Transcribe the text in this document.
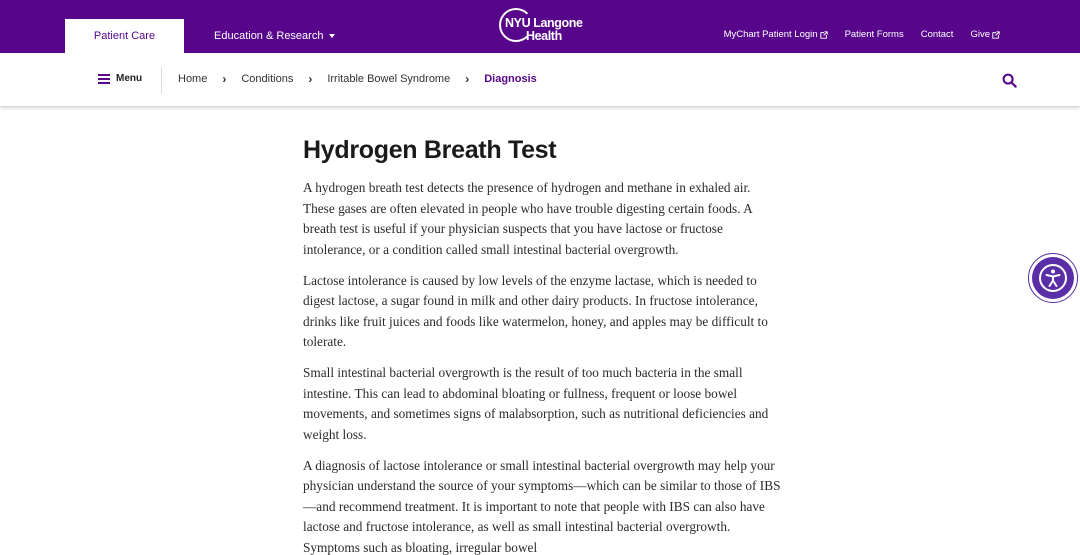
Patient Care	Education & Research
NYU Langone
Health	MyChart Patient Login	Patient Forms Contact Give
Menu	Home › Conditions › Irritable Bowel Syndrome › Diagnosis
Hydrogen Breath Test

A hydrogen breath test detects the presence of hydrogen and methane in exhaled air. These gases are often elevated in people who have trouble digesting certain foods. A breath test is useful if your physician suspects that you have lactose or fructose intolerance, or a condition called small intestinal bacterial overgrowth.

Lactose intolerance is caused by low levels of the enzyme lactase, which is needed to digest lactose, a sugar found in milk and other dairy products. In fructose intolerance, drinks like fruit juices and foods like watermelon, honey, and apples may be difficult to tolerate.

Small intestinal bacterial overgrowth is the result of too much bacteria in the small intestine. This can lead to abdominal bloating or fullness, frequent or loose bowel movements, and sometimes signs of malabsorption, such as nutritional deficiencies and weight loss.

A diagnosis of lactose intolerance or small intestinal bacterial overgrowth may help your physician understand the source of your symptoms—which can be similar to those of IBS—and recommend treatment. It is important to note that people with IBS can also have lactose and fructose intolerance, as well as small intestinal bacterial overgrowth. Symptoms such as bloating, irregular bowel
